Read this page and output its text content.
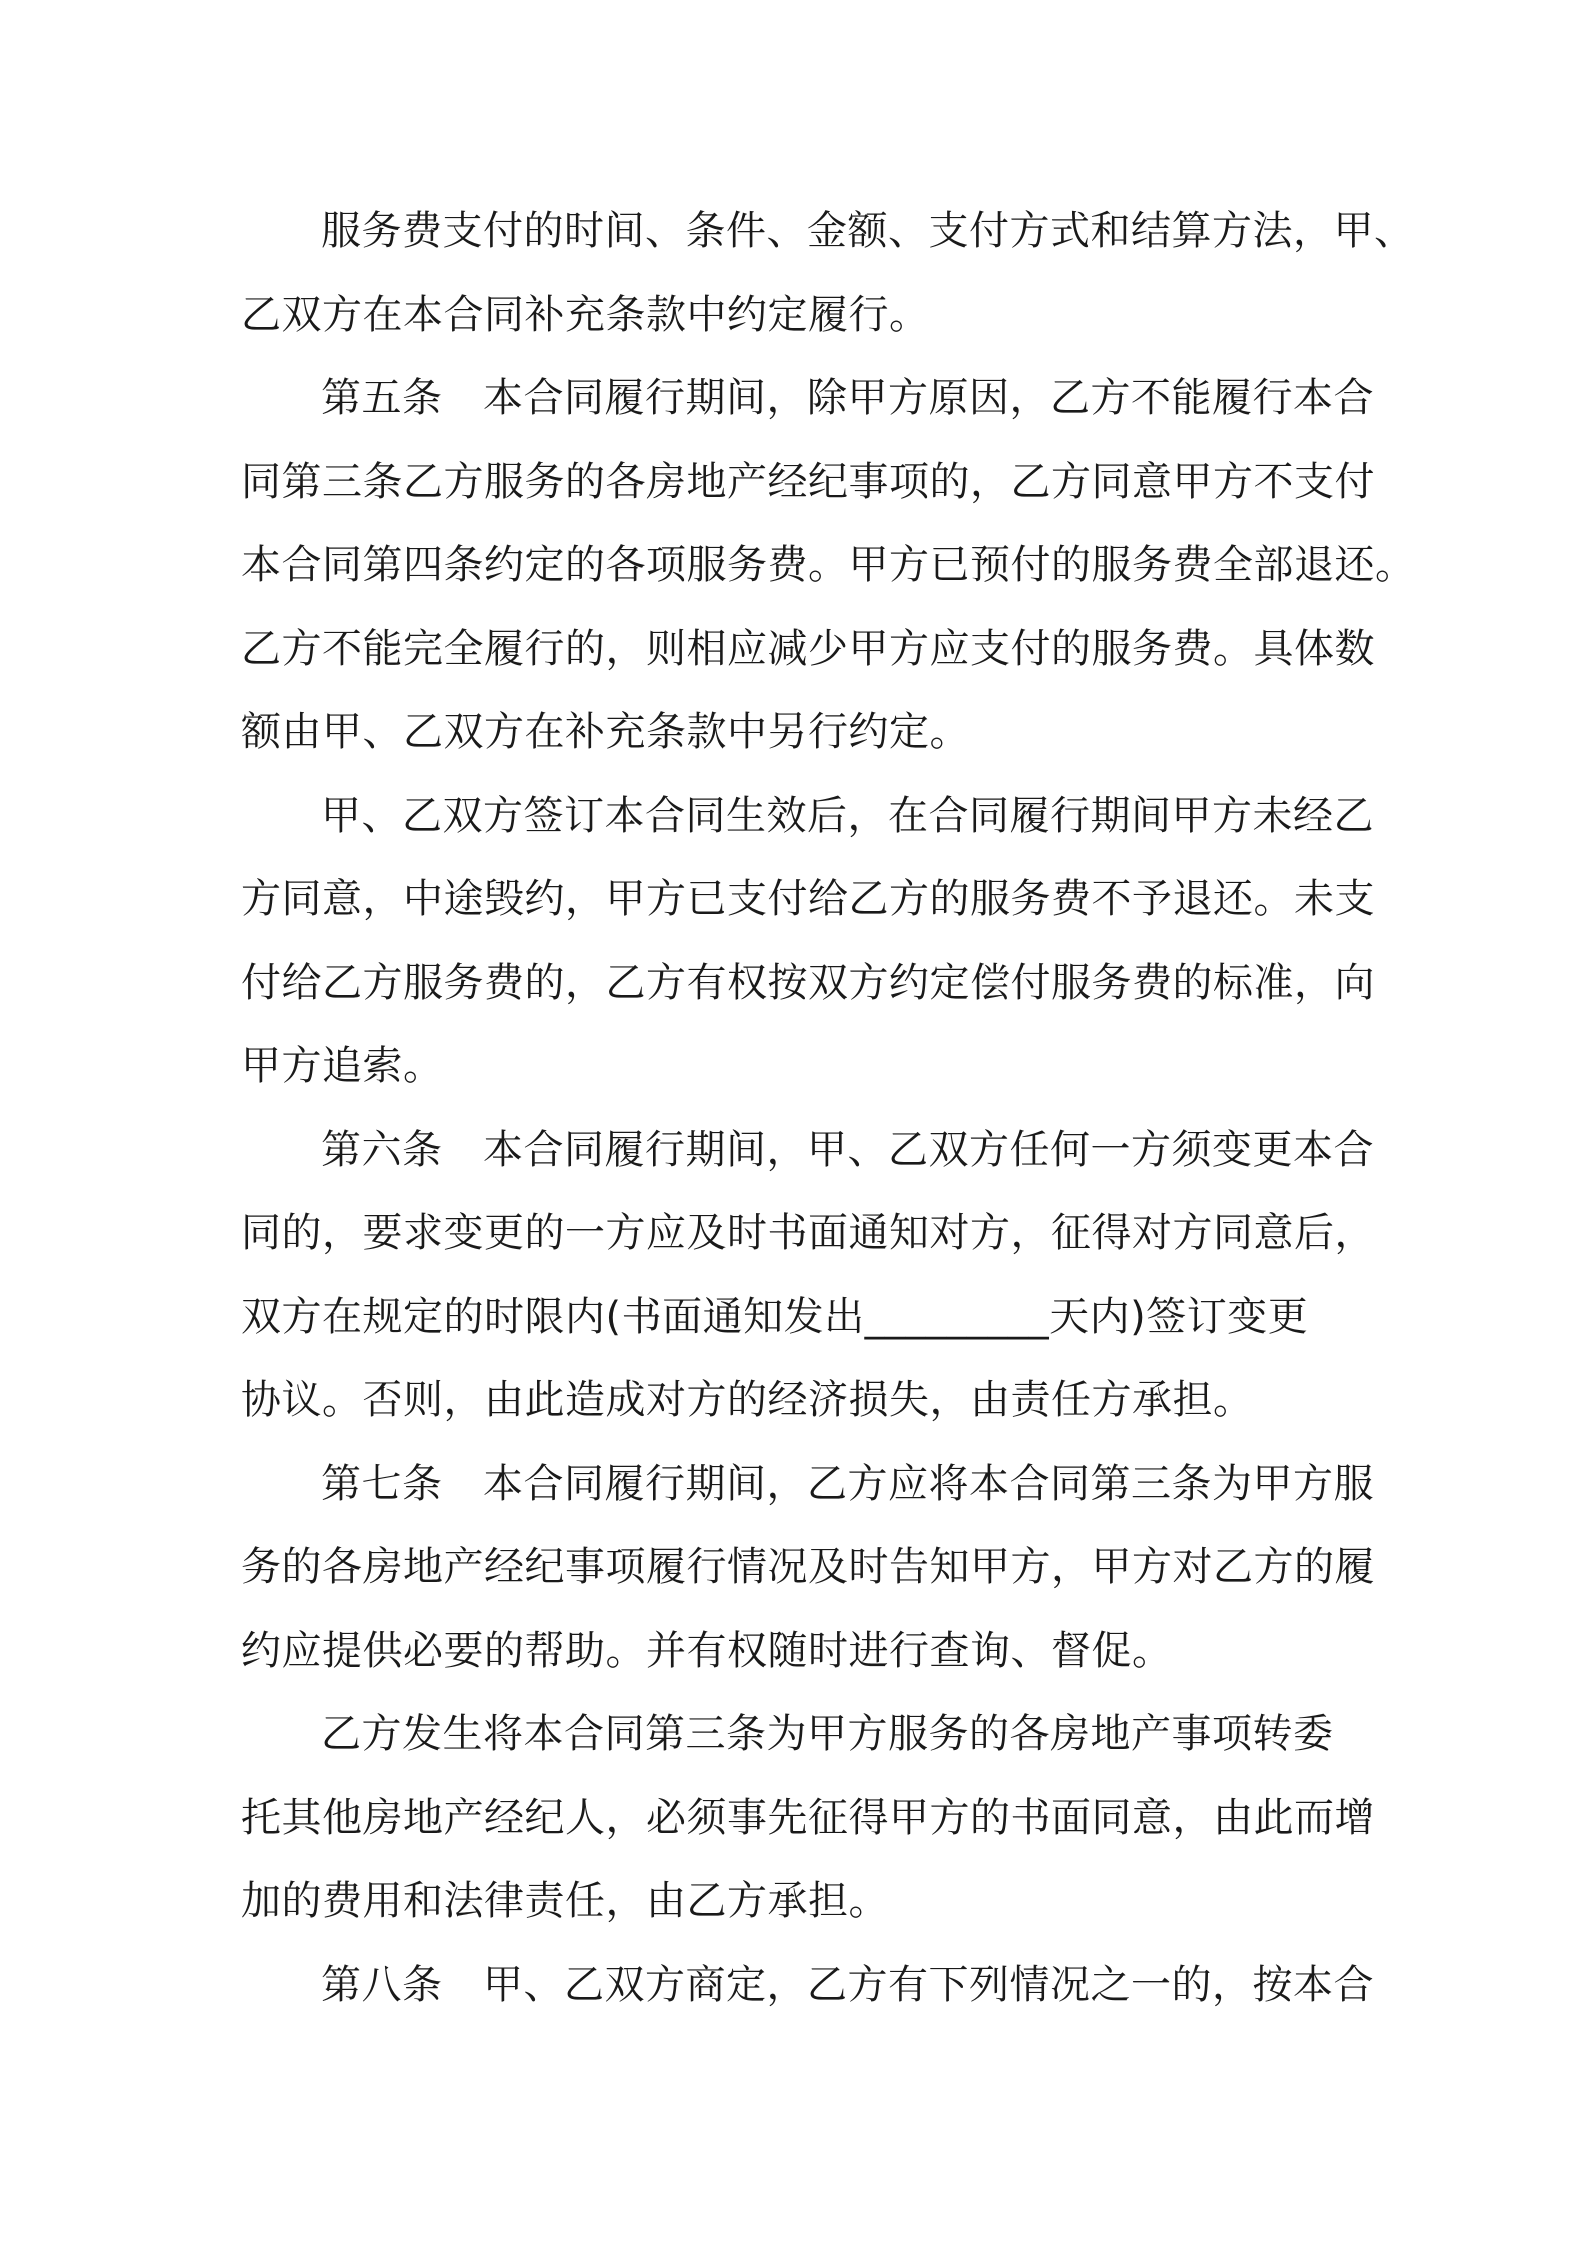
服务费支付的时间、条件、金额、支付方式和结算方法，甲、

乙双方在本合同补充条款中约定履行。

第五条　本合同履行期间，除甲方原因，乙方不能履行本合

同第三条乙方服务的各房地产经纪事项的，乙方同意甲方不支付

本合同第四条约定的各项服务费。甲方已预付的服务费全部退还。

乙方不能完全履行的，则相应减少甲方应支付的服务费。具体数

额由甲、乙双方在补充条款中另行约定。

甲、乙双方签订本合同生效后，在合同履行期间甲方未经乙

方同意，中途毁约，甲方已支付给乙方的服务费不予退还。未支

付给乙方服务费的，乙方有权按双方约定偿付服务费的标准，向

甲方追索。

第六条　本合同履行期间，甲、乙双方任何一方须变更本合

同的，要求变更的一方应及时书面通知对方，征得对方同意后，

双方在规定的时限内(书面通知发出_________天内)签订变更

协议。否则，由此造成对方的经济损失，由责任方承担。

第七条　本合同履行期间，乙方应将本合同第三条为甲方服

务的各房地产经纪事项履行情况及时告知甲方，甲方对乙方的履

约应提供必要的帮助。并有权随时进行查询、督促。

乙方发生将本合同第三条为甲方服务的各房地产事项转委

托其他房地产经纪人，必须事先征得甲方的书面同意，由此而增

加的费用和法律责任，由乙方承担。

第八条　甲、乙双方商定，乙方有下列情况之一的，按本合
